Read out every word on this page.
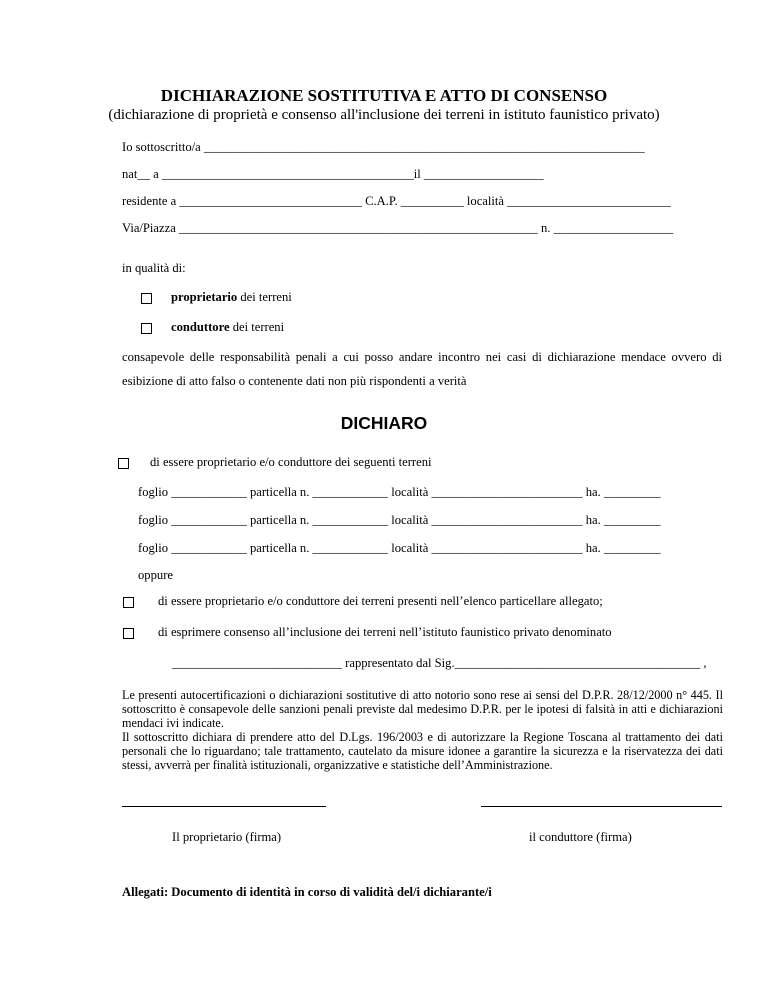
DICHIARAZIONE SOSTITUTIVA E ATTO DI CONSENSO
(dichiarazione di proprietà e consenso all'inclusione dei terreni in istituto faunistico privato)
Io sottoscritto/a ______________________________________________________________________
nat__ a ________________________________________il ___________________
residente a _____________________________ C.A.P. __________ località __________________________
Via/Piazza _________________________________________________________ n. ___________________
in qualità di:
proprietario dei terreni
conduttore dei terreni
consapevole delle responsabilità penali a cui posso andare incontro nei casi di dichiarazione mendace ovvero di esibizione di atto falso o contenente dati non più rispondenti a verità
DICHIARO
di essere proprietario e/o conduttore dei seguenti terreni
foglio ____________ particella n. ____________ località ________________________ ha. _________
foglio ____________ particella n. ____________ località ________________________ ha. _________
foglio ____________ particella n. ____________ località ________________________ ha. _________
oppure
di essere proprietario e/o conduttore dei terreni presenti nell’elenco particellare allegato;
di esprimere consenso all’inclusione dei terreni nell’istituto faunistico privato denominato
___________________________ rappresentato dal Sig._______________________________________ ,
Le presenti autocertificazioni o dichiarazioni sostitutive di atto notorio sono rese ai sensi del D.P.R. 28/12/2000 n° 445. Il sottoscritto è consapevole delle sanzioni penali previste dal medesimo D.P.R. per le ipotesi di falsità in atti e dichiarazioni mendaci ivi indicate.
Il sottoscritto dichiara di prendere atto del D.Lgs. 196/2003 e di autorizzare la Regione Toscana al trattamento dei dati personali che lo riguardano; tale trattamento, cautelato da misure idonee a garantire la sicurezza e la riservatezza dei dati stessi, avverrà per finalità istituzionali, organizzative e statistiche dell’Amministrazione.
Il proprietario (firma)	il conduttore (firma)
Allegati: Documento di identità in corso di validità del/i dichiarante/i
